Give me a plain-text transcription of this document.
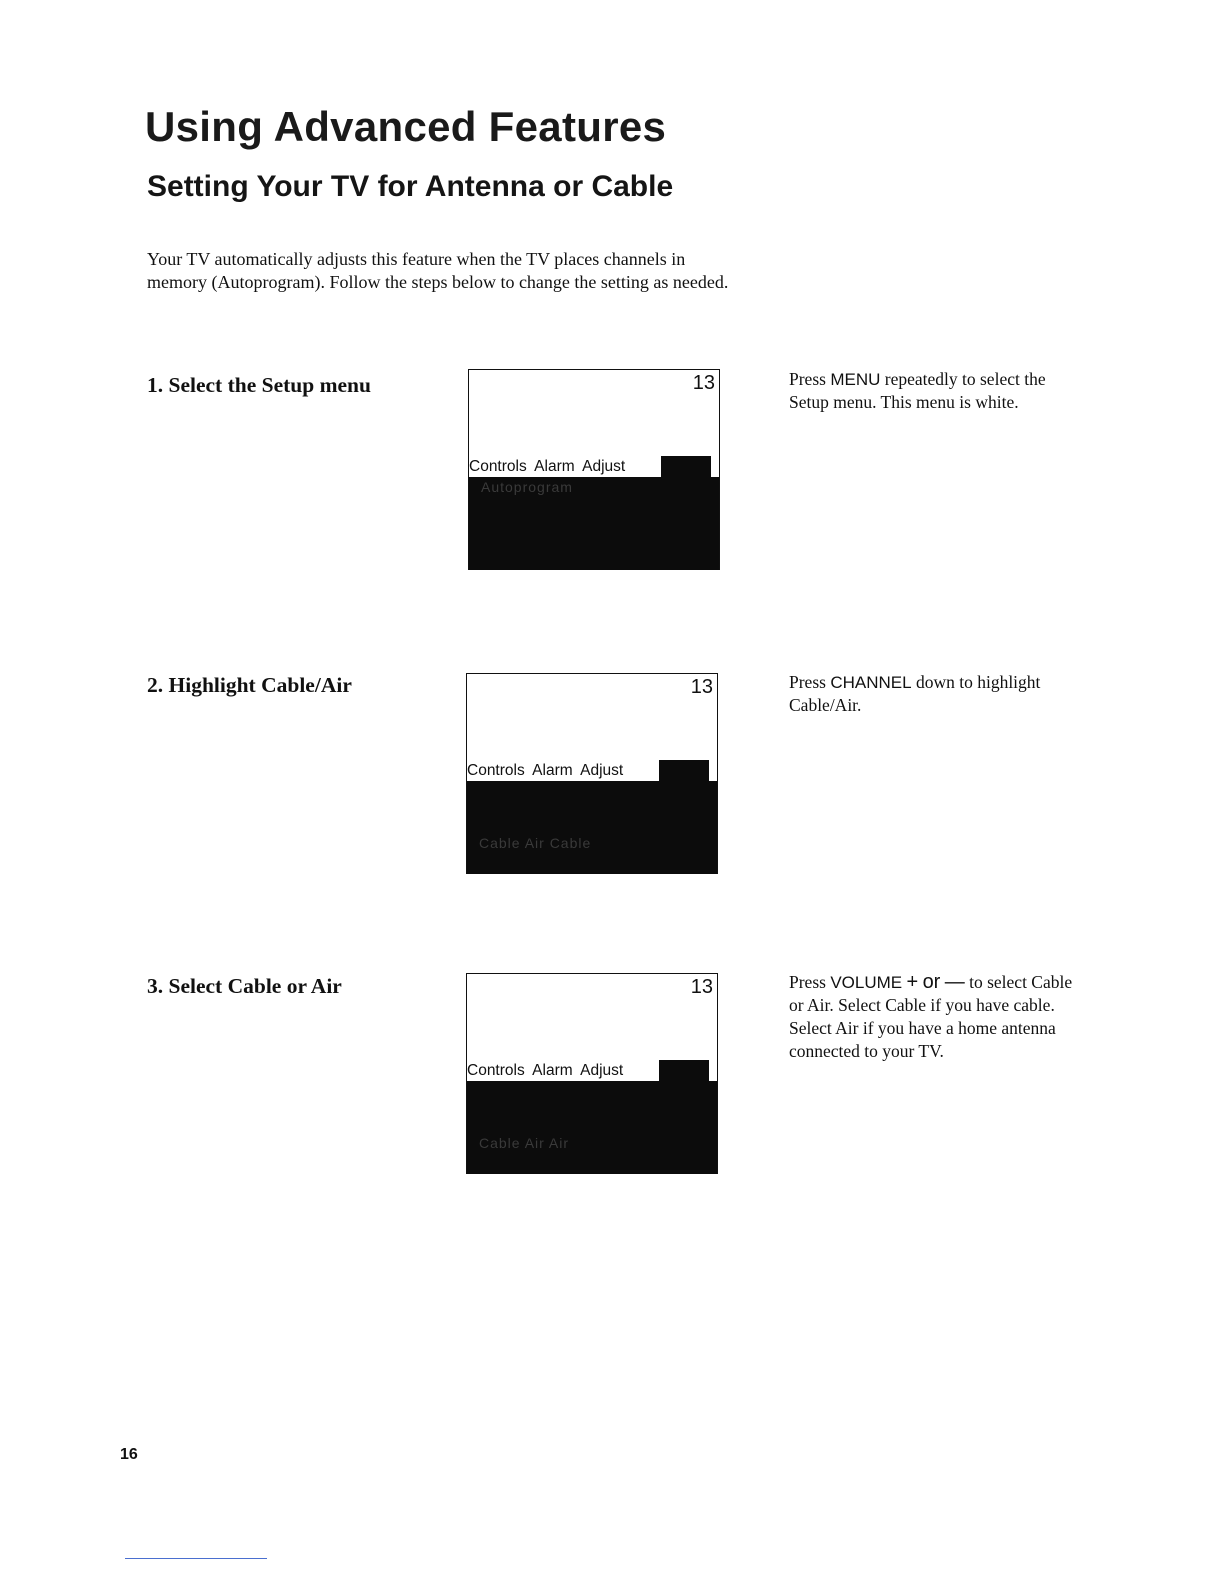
Using Advanced Features
Setting Your TV for Antenna or Cable

Your TV automatically adjusts this feature when the TV places channels in memory (Autoprogram). Follow the steps below to change the setting as needed.

1. Select the Setup menu	13
Controls Alarm Adjust
Autoprogram

Press MENU repeatedly to select the Setup menu. This menu is white.

2. Highlight Cable/Air	13
Controls Alarm Adjust
Cable Air Cable

Press CHANNEL down to highlight Cable/Air.

3. Select Cable or Air	13
Controls Alarm Adjust
Cable Air Air

Press VOLUME + or — to select Cable or Air. Select Cable if you have cable. Select Air if you have a home antenna connected to your TV.

16
